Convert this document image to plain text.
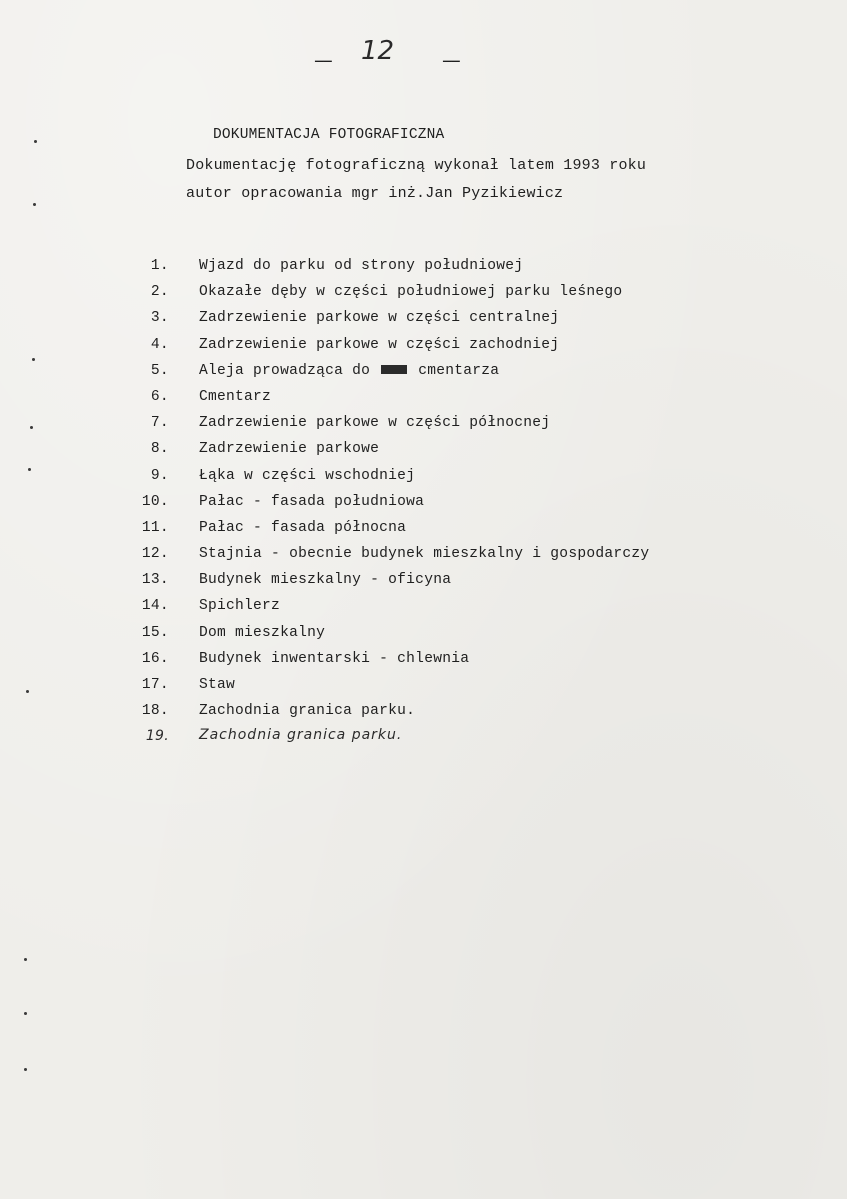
—— 12	——
DOKUMENTACJA FOTOGRAFICZNA
Dokumentację fotograficzną wykonał latem 1993 roku
autor opracowania mgr inż.Jan Pyzikiewicz
1. Wjazd do parku od strony południowej
2. Okazałe dęby w części południowej parku leśnego
3. Zadrzewienie parkowe w części centralnej
4. Zadrzewienie parkowe w części zachodniej
5. Aleja prowadząca do	cmentarza
6. Cmentarz
7. Zadrzewienie parkowe w części północnej
8. Zadrzewienie parkowe
9. Łąka w części wschodniej
10. Pałac - fasada południowa
11. Pałac - fasada północna
12. Stajnia - obecnie budynek mieszkalny i gospodarczy
13. Budynek mieszkalny - oficyna
14. Spichlerz
15. Dom mieszkalny
16. Budynek inwentarski - chlewnia
17. Staw
18. Zachodnia granica parku.
19. Zachodnia granica parku.
